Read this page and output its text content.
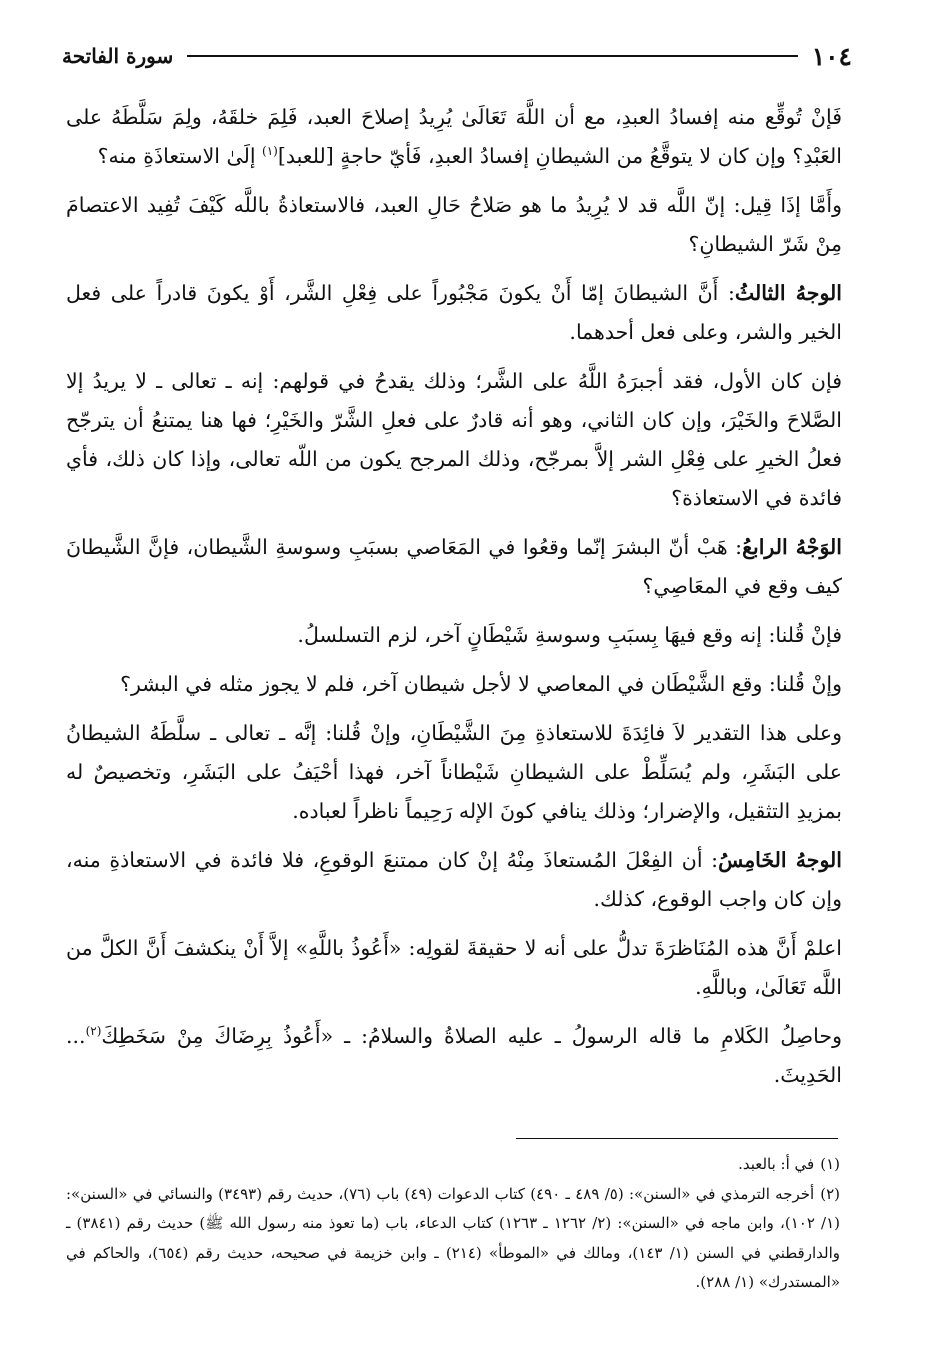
١٠٤
سورة الفاتحة

فَإنْ تُوقِّع منه إفسادُ العبدِ، مع أن اللَّهَ تَعَالَىٰ يُرِيدُ إصلاحَ العبد، فَلِمَ خلقَهُ، ولِمَ سَلَّطَهُ على العَبْدِ؟ وإن كان لا يتوقَّعُ من الشيطانِ إفسادُ العبدِ، فَأيّ حاجةٍ [للعبد]$^{(١)}$ إلَىٰ الاستعاذَةِ منه؟

وأَمَّا إذَا قِيل: إنّ اللَّه قد لا يُرِيدُ ما هو صَلاحُ حَالِ العبد، فالاستعاذةُ باللَّه كَيْفَ تُفِيد الاعتصامَ مِنْ شَرّ الشيطانِ؟

الوجهُ الثالثُ: أَنَّ الشيطانَ إمّا أَنْ يكونَ مَجْبُوراً على فِعْلِ الشَّر، أَوْ يكونَ قادراً على فعل الخير والشر، وعلى فعل أحدهما.

فإن كان الأول، فقد أجبرَهُ اللَّهُ على الشَّر؛ وذلك يقدحُ في قولهم: إنه ـ تعالى ـ لا يريدُ إلا الصَّلاحَ والخَيْرَ، وإن كان الثاني، وهو أنه قادرٌ على فعلِ الشَّرّ والخَيْرِ؛ فها هنا يمتنعُ أن يترجّح فعلُ الخيرِ على فِعْلِ الشر إلاَّ بمرجّح، وذلك المرجح يكون من اللّه تعالى، وإذا كان ذلك، فأي فائدة في الاستعاذة؟

الوَجْهُ الرابعُ: هَبْ أنّ البشرَ إنّما وقعُوا في المَعَاصي بسبَبِ وسوسةِ الشَّيطان، فإنَّ الشَّيطانَ كيف وقع في المعَاصِي؟

فإنْ قُلنا: إنه وقع فيهَا بِسبَبِ وسوسةِ شَيْطَانٍ آخر، لزم التسلسلُ.

وإنْ قُلنا: وقع الشَّيْطَان في المعاصي لا لأجل شيطان آخر، فلم لا يجوز مثله في البشر؟

وعلى هذا التقدير لاَ فائِدَةَ للاستعاذةِ مِنَ الشَّيْطَانِ، وإنْ قُلنا: إنَّه ـ تعالى ـ سلَّطَهُ الشيطانُ على البَشَرِ، ولم يُسَلِّطْ على الشيطانِ شَيْطاناً آخر، فهذا أحْيَفُ على البَشَرِ، وتخصيصٌ له بمزيدِ التثقيل، والإضرار؛ وذلك ينافي كونَ الإله رَحِيماً ناظراً لعباده.

الوجهُ الخَامِسُ: أن الفِعْلَ المُستعاذَ مِنْهُ إنْ كان ممتنعَ الوقوعِ، فلا فائدة في الاستعاذةِ منه، وإن كان واجب الوقوع، كذلك.

اعلمْ أَنَّ هذه المُنَاظرَةَ تدلُّ على أنه لا حقيقةَ لقولِه: «أَعُوذُ باللَّهِ» إلاَّ أَنْ ينكشفَ أَنَّ الكلَّ من اللَّه تَعَالَىٰ، وباللَّهِ.

وحاصِلُ الكَلامِ ما قاله الرسولُ ـ عليه الصلاةُ والسلامُ: ـ «أَعُوذُ بِرِضَاكَ مِنْ سَخَطِكَ$^{(٢)}$... الحَدِيثَ.

(١)في أ: بالعبد.

(٢)أخرجه الترمذي في «السنن»: (٥/ ٤٨٩ ـ ٤٩٠) كتاب الدعوات (٤٩) باب (٧٦)، حديث رقم (٣٤٩٣) والنسائي في «السنن»: (١/ ١٠٢)، وابن ماجه في «السنن»: (٢/ ١٢٦٢ ـ ١٢٦٣) كتاب الدعاء، باب (ما تعوذ منه رسول الله ﷺ) حديث رقم (٣٨٤١) ـ والدارقطني في السنن (١/ ١٤٣)، ومالك في «الموطأ» (٢١٤) ـ وابن خزيمة في صحيحه، حديث رقم (٦٥٤)، والحاكم في «المستدرك» (١/ ٢٨٨).
